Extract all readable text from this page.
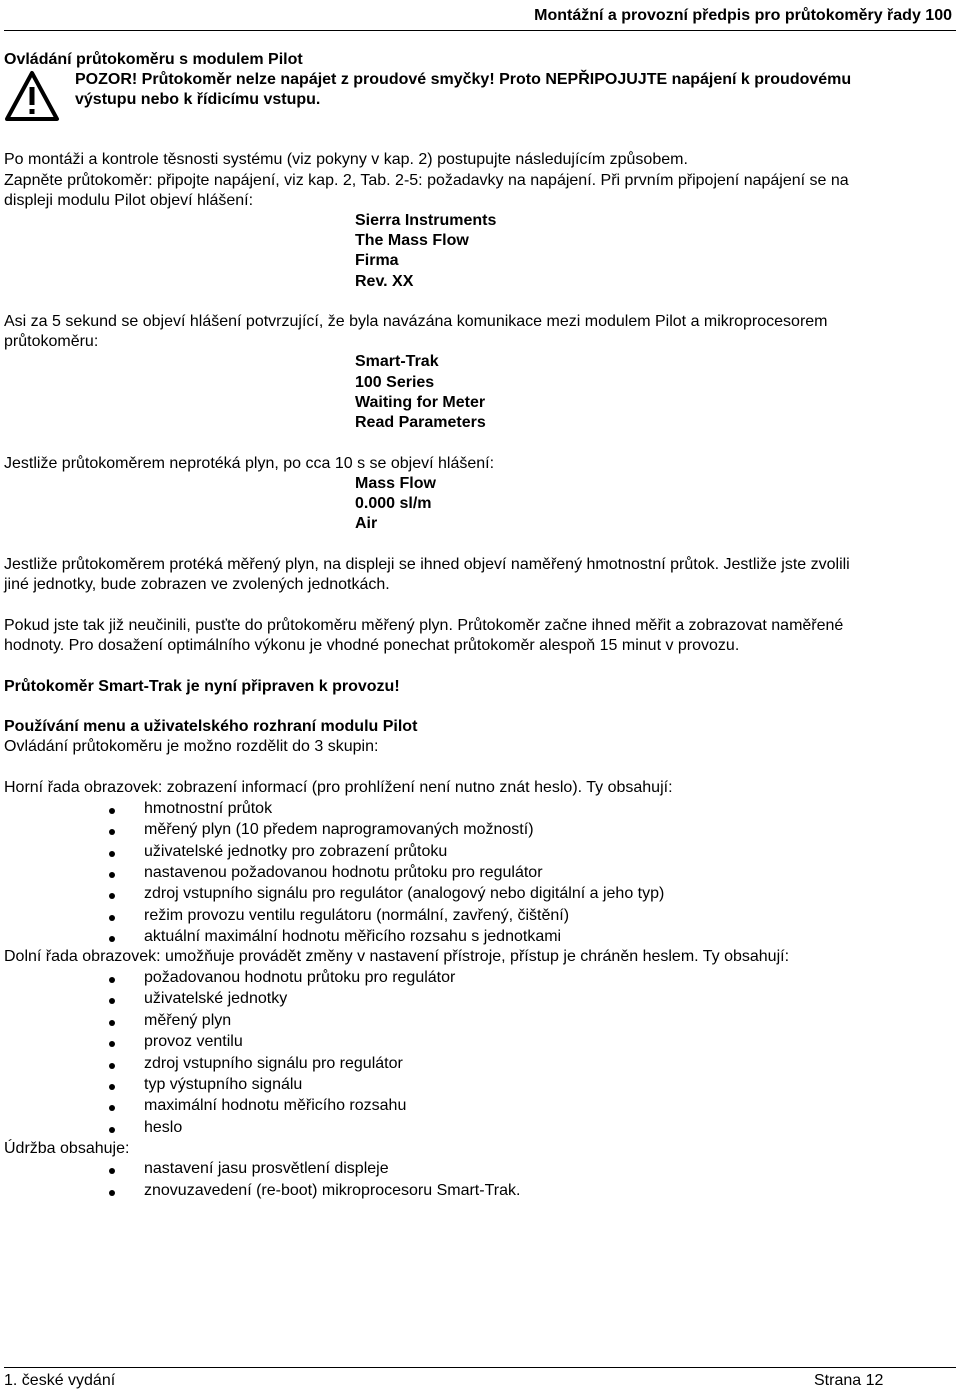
Montážní a provozní předpis pro průtokoměry řady 100
Ovládání průtokoměru s modulem Pilot
POZOR! Průtokoměr nelze napájet z proudové smyčky! Proto NEPŘIPOJUJTE napájení k proudovému
výstupu nebo k řídicímu vstupu.
Po montáži a kontrole těsnosti systému (viz pokyny v kap. 2) postupujte následujícím způsobem.
Zapněte průtokoměr: připojte napájení, viz kap. 2, Tab. 2-5: požadavky na napájení. Při prvním připojení napájení se na
displeji modulu Pilot objeví hlášení:
Sierra Instruments
The Mass Flow
Firma
Rev. XX
Asi za 5 sekund se objeví hlášení potvrzující, že byla navázána komunikace mezi modulem Pilot a mikroprocesorem
průtokoměru:
Smart-Trak
100 Series
Waiting for Meter
Read Parameters
Jestliže průtokoměrem neprotéká plyn, po cca 10 s se objeví hlášení:
Mass Flow
0.000 sl/m
Air
Jestliže průtokoměrem protéká měřený plyn, na displeji se ihned objeví naměřený hmotnostní průtok. Jestliže jste zvolili
jiné jednotky, bude zobrazen ve zvolených jednotkách.
Pokud jste tak již neučinili, pusťte do průtokoměru měřený plyn. Průtokoměr začne ihned měřit a zobrazovat naměřené
hodnoty. Pro dosažení optimálního výkonu je vhodné ponechat průtokoměr alespoň 15 minut v provozu.
Průtokoměr Smart-Trak je nyní připraven k provozu!
Používání menu a uživatelského rozhraní modulu Pilot
Ovládání průtokoměru je možno rozdělit do 3 skupin:
Horní řada obrazovek: zobrazení informací (pro prohlížení není nutno znát heslo). Ty obsahují:
hmotnostní průtok
měřený plyn (10 předem naprogramovaných možností)
uživatelské jednotky pro zobrazení průtoku
nastavenou požadovanou hodnotu průtoku pro regulátor
zdroj vstupního signálu pro regulátor (analogový nebo digitální a jeho typ)
režim provozu ventilu regulátoru (normální, zavřený, čištění)
aktuální maximální hodnotu měřicího rozsahu s jednotkami
Dolní řada obrazovek: umožňuje provádět změny v nastavení přístroje, přístup je chráněn heslem. Ty obsahují:
požadovanou hodnotu průtoku pro regulátor
uživatelské jednotky
měřený plyn
provoz ventilu
zdroj vstupního signálu pro regulátor
typ výstupního signálu
maximální hodnotu měřicího rozsahu
heslo
Údržba obsahuje:
nastavení jasu prosvětlení displeje
znovuzavedení (re-boot) mikroprocesoru Smart-Trak.
1. české vydání	Strana 12
